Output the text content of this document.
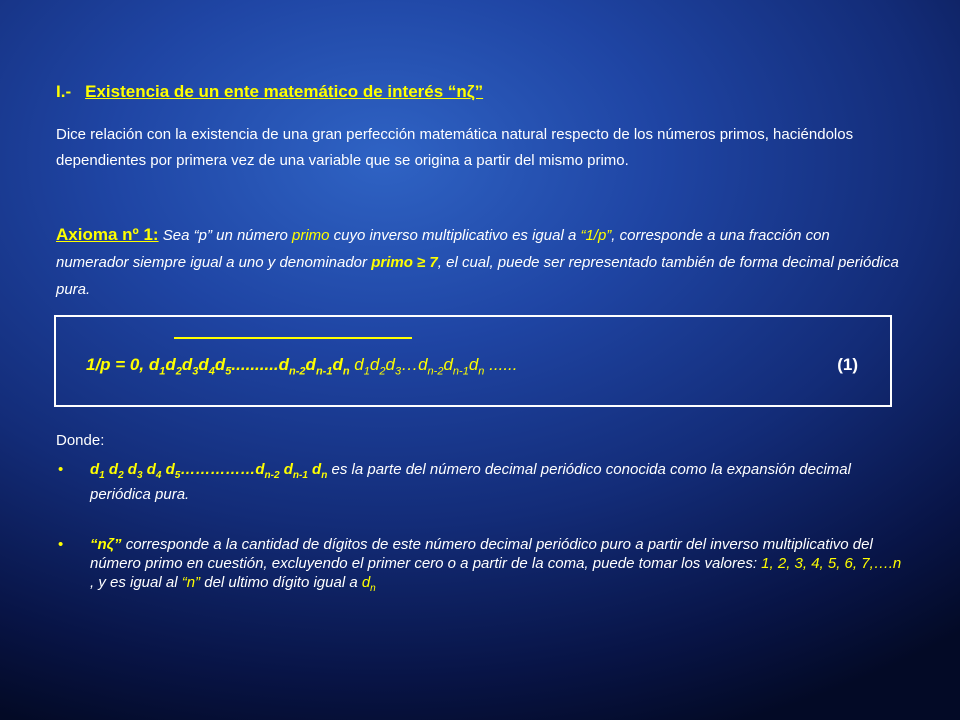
I.- Existencia de un ente matemático de interés “nζ”
Dice relación con la existencia de una gran perfección matemática natural respecto de los números primos, haciéndolos dependientes por primera vez de una variable que se origina a partir del mismo primo.
Axioma nº 1: Sea “p” un número primo cuyo inverso multiplicativo es igual a “1/p”, corresponde a una fracción con numerador siempre igual a uno y denominador primo ≥ 7, el cual, puede ser representado también de forma decimal periódica pura.
1/p = 0, $d_1d_2d_3d_4d_5..........d_{n-2}d_{n-1}d_n$ $d_1d_2d_3\dots d_{n-2}d_{n-1}d_n$ ......	(1)
Donde:
• $d_1$ $d_2$ $d_3$ $d_4$ $d_5\dots\dots\dots\dots\dots d_{n-2}$ $d_{n-1}$ $d_n$ es la parte del número decimal periódico conocida como la expansión decimal periódica pura.
• “nζ” corresponde a la cantidad de dígitos de este número decimal periódico puro a partir del inverso multiplicativo del número primo en cuestión, excluyendo el primer cero o a partir de la coma, puede tomar los valores: 1, 2, 3, 4, 5, 6, 7,….n , y es igual al “n” del ultimo dígito igual a $d_n$
